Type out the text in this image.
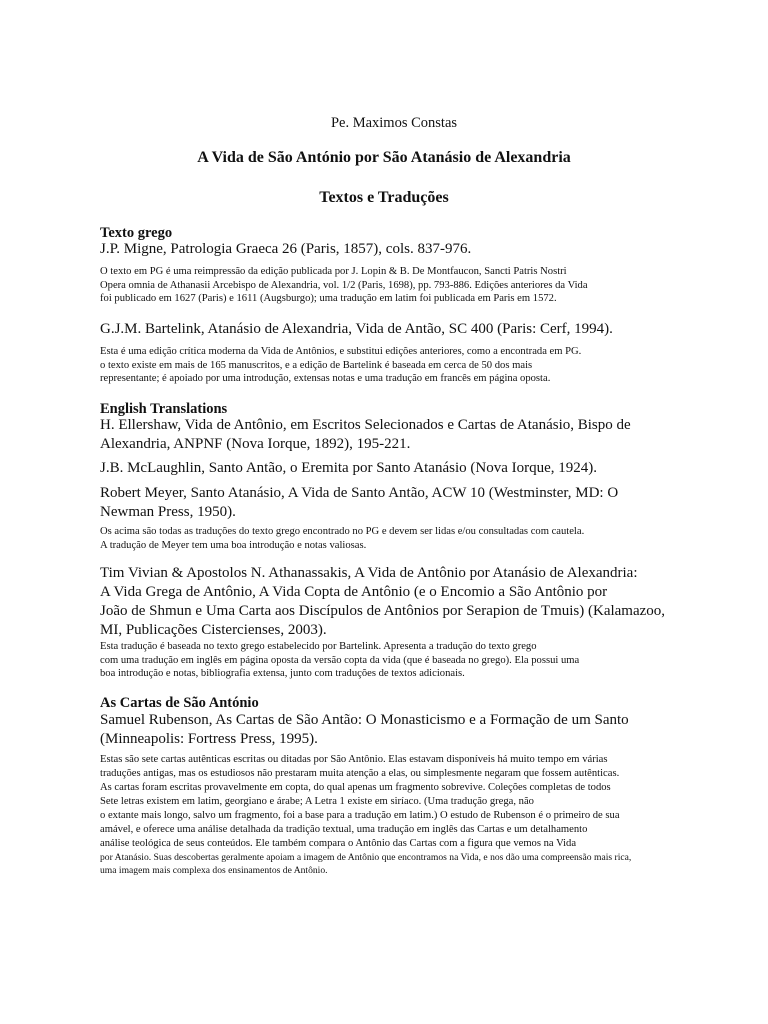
Pe. Maximos Constas
A Vida de São António por São Atanásio de Alexandria
Textos e Traduções
Texto grego
J.P. Migne, Patrologia Graeca 26 (Paris, 1857), cols. 837-976.
O texto em PG é uma reimpressão da edição publicada por J. Lopin & B. De Montfaucon, Sancti Patris Nostri
Opera omnia de Athanasii Arcebispo de Alexandria, vol. 1/2 (Paris, 1698), pp. 793-886. Edições anteriores da Vida
foi publicado em 1627 (Paris) e 1611 (Augsburgo); uma tradução em latim foi publicada em Paris em 1572.
G.J.M. Bartelink, Atanásio de Alexandria, Vida de Antão, SC 400 (Paris: Cerf, 1994).
Esta é uma edição crítica moderna da Vida de Antônios, e substitui edições anteriores, como a encontrada em PG.
o texto existe em mais de 165 manuscritos, e a edição de Bartelink é baseada em cerca de 50 dos mais
representante; é apoiado por uma introdução, extensas notas e uma tradução em francês em página oposta.
English Translations
H. Ellershaw, Vida de Antônio, em Escritos Selecionados e Cartas de Atanásio, Bispo de
Alexandria, ANPNF (Nova Iorque, 1892), 195-221.
J.B. McLaughlin, Santo Antão, o Eremita por Santo Atanásio (Nova Iorque, 1924).
Robert Meyer, Santo Atanásio, A Vida de Santo Antão, ACW 10 (Westminster, MD: O
Newman Press, 1950).
Os acima são todas as traduções do texto grego encontrado no PG e devem ser lidas e/ou consultadas com cautela.
A tradução de Meyer tem uma boa introdução e notas valiosas.
Tim Vivian & Apostolos N. Athanassakis, A Vida de Antônio por Atanásio de Alexandria:
A Vida Grega de Antônio, A Vida Copta de Antônio (e o Encomio a São Antônio por
João de Shmun e Uma Carta aos Discípulos de Antônios por Serapion de Tmuis) (Kalamazoo,
MI, Publicações Cistercienses, 2003).
Esta tradução é baseada no texto grego estabelecido por Bartelink. Apresenta a tradução do texto grego
com uma tradução em inglês em página oposta da versão copta da vida (que é baseada no grego). Ela possui uma
boa introdução e notas, bibliografia extensa, junto com traduções de textos adicionais.
As Cartas de São António
Samuel Rubenson, As Cartas de São Antão: O Monasticismo e a Formação de um Santo
(Minneapolis: Fortress Press, 1995).
Estas são sete cartas autênticas escritas ou ditadas por São Antônio. Elas estavam disponíveis há muito tempo em várias
traduções antigas, mas os estudiosos não prestaram muita atenção a elas, ou simplesmente negaram que fossem autênticas.
As cartas foram escritas provavelmente em copta, do qual apenas um fragmento sobrevive. Coleções completas de todos
Sete letras existem em latim, georgiano e árabe; A Letra 1 existe em siríaco. (Uma tradução grega, não
o extante mais longo, salvo um fragmento, foi a base para a tradução em latim.) O estudo de Rubenson é o primeiro de sua
amável, e oferece uma análise detalhada da tradição textual, uma tradução em inglês das Cartas e um detalhamento
análise teológica de seus conteúdos. Ele também compara o Antônio das Cartas com a figura que vemos na Vida
por Atanásio. Suas descobertas geralmente apoiam a imagem de Antônio que encontramos na Vida, e nos dão uma compreensão mais rica,
uma imagem mais complexa dos ensinamentos de Antônio.
